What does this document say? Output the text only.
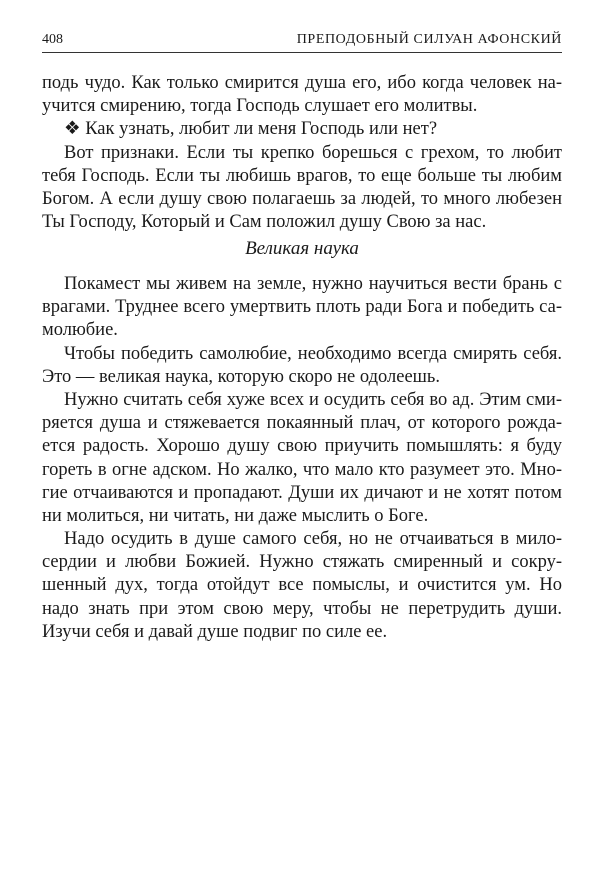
408	ПРЕПОДОБНЫЙ СИЛУАН АФОНСКИЙ
подь чудо. Как только смирится душа его, ибо когда человек на-
учится смирению, тогда Господь слушает его молитвы.
❖ Как узнать, любит ли меня Господь или нет?
Вот признаки. Если ты крепко борешься с грехом, то любит
тебя Господь. Если ты любишь врагов, то еще больше ты любим
Богом. А если душу свою полагаешь за людей, то много любезен
Ты Господу, Который и Сам положил душу Свою за нас.
Великая наука
Покамест мы живем на земле, нужно научиться вести брань с
врагами. Труднее всего умертвить плоть ради Бога и победить са-
молюбие.
Чтобы победить самолюбие, необходимо всегда смирять себя.
Это — великая наука, которую скоро не одолеешь.
Нужно считать себя хуже всех и осудить себя во ад. Этим сми-
ряется душа и стяжевается покаянный плач, от которого рожда-
ется радость. Хорошо душу свою приучить помышлять: я буду
гореть в огне адском. Но жалко, что мало кто разумеет это. Мно-
гие отчаиваются и пропадают. Души их дичают и не хотят потом
ни молиться, ни читать, ни даже мыслить о Боге.
Надо осудить в душе самого себя, но не отчаиваться в мило-
сердии и любви Божией. Нужно стяжать смиренный и сокру-
шенный дух, тогда отойдут все помыслы, и очистится ум. Но
надо знать при этом свою меру, чтобы не перетрудить души.
Изучи себя и давай душе подвиг по силе ее.
